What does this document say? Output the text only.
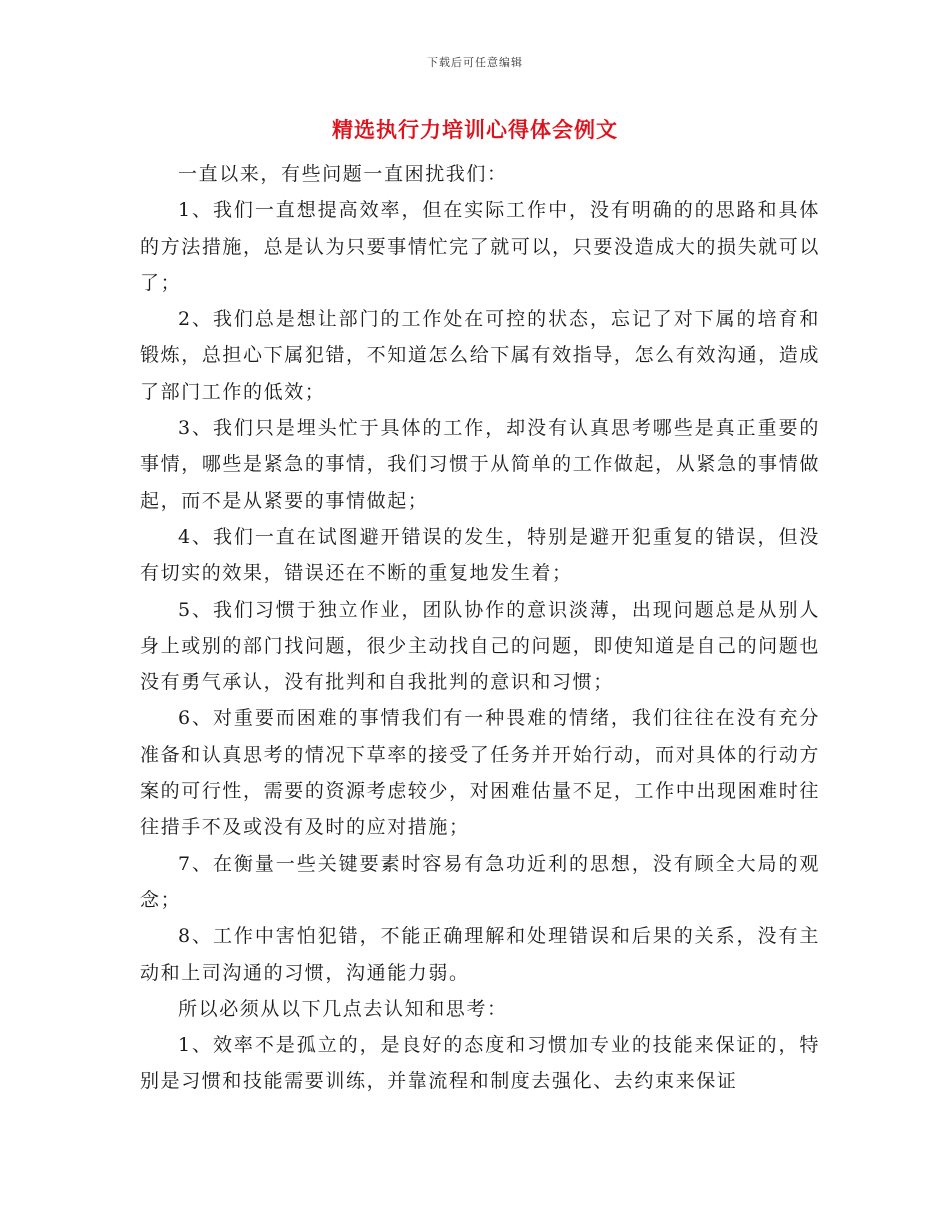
下载后可任意编辑
精选执行力培训心得体会例文

一直以来，有些问题一直困扰我们：

1、我们一直想提高效率，但在实际工作中，没有明确的的思路和具体的方法措施，总是认为只要事情忙完了就可以，只要没造成大的损失就可以了；

2、我们总是想让部门的工作处在可控的状态，忘记了对下属的培育和锻炼，总担心下属犯错，不知道怎么给下属有效指导，怎么有效沟通，造成了部门工作的低效；

3、我们只是埋头忙于具体的工作，却没有认真思考哪些是真正重要的事情，哪些是紧急的事情，我们习惯于从简单的工作做起，从紧急的事情做起，而不是从紧要的事情做起；

4、我们一直在试图避开错误的发生，特别是避开犯重复的错误，但没有切实的效果，错误还在不断的重复地发生着；

5、我们习惯于独立作业，团队协作的意识淡薄，出现问题总是从别人身上或别的部门找问题，很少主动找自己的问题，即使知道是自己的问题也没有勇气承认，没有批判和自我批判的意识和习惯；

6、对重要而困难的事情我们有一种畏难的情绪，我们往往在没有充分准备和认真思考的情况下草率的接受了任务并开始行动，而对具体的行动方案的可行性，需要的资源考虑较少，对困难估量不足，工作中出现困难时往往措手不及或没有及时的应对措施；

7、在衡量一些关键要素时容易有急功近利的思想，没有顾全大局的观念；

8、工作中害怕犯错，不能正确理解和处理错误和后果的关系，没有主动和上司沟通的习惯，沟通能力弱。

所以必须从以下几点去认知和思考：

1、效率不是孤立的，是良好的态度和习惯加专业的技能来保证的，特别是习惯和技能需要训练，并靠流程和制度去强化、去约束来保证
